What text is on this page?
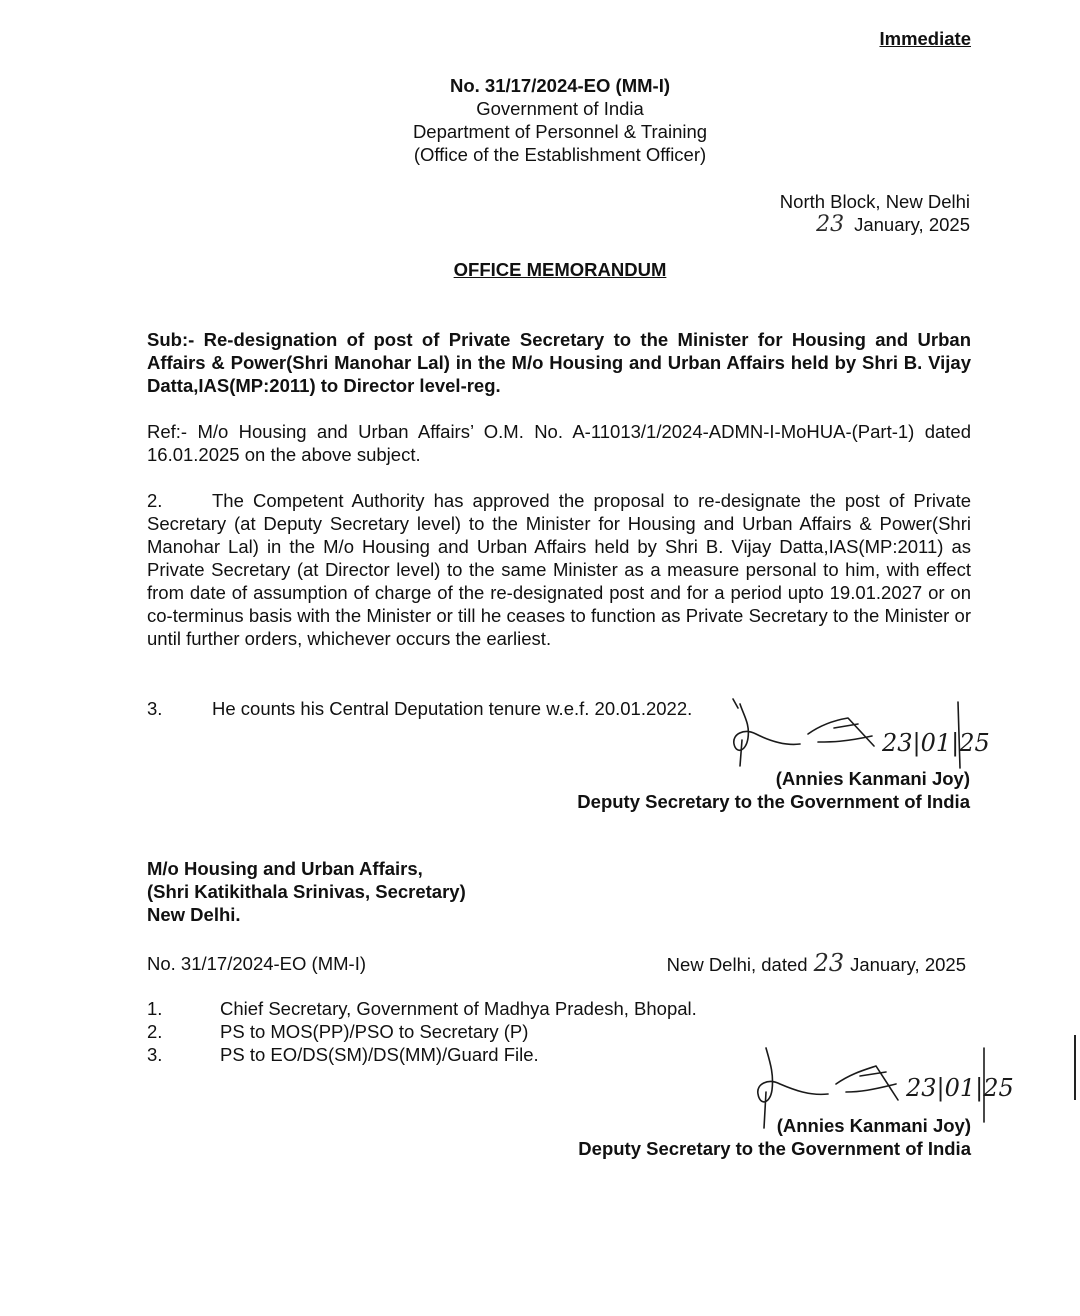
Immediate
No. 31/17/2024-EO (MM-I)
Government of India
Department of Personnel & Training
(Office of the Establishment Officer)
North Block, New Delhi
23 January, 2025
OFFICE MEMORANDUM
Sub:- Re-designation of post of Private Secretary to the Minister for Housing and Urban Affairs & Power(Shri Manohar Lal) in the M/o Housing and Urban Affairs held by Shri B. Vijay Datta,IAS(MP:2011) to Director level-reg.
Ref:- M/o Housing and Urban Affairs’ O.M. No. A-11013/1/2024-ADMN-I-MoHUA-(Part-1) dated 16.01.2025 on the above subject.
2.	The Competent Authority has approved the proposal to re-designate the post of Private Secretary (at Deputy Secretary level) to the Minister for Housing and Urban Affairs & Power(Shri Manohar Lal) in the M/o Housing and Urban Affairs held by Shri B. Vijay Datta,IAS(MP:2011) as Private Secretary (at Director level) to the same Minister as a measure personal to him, with effect from date of assumption of charge of the re-designated post and for a period upto 19.01.2027 or on co-terminus basis with the Minister or till he ceases to function as Private Secretary to the Minister or until further orders, whichever occurs the earliest.
3.	He counts his Central Deputation tenure w.e.f. 20.01.2022.
23|01|25
(Annies Kanmani Joy)
Deputy Secretary to the Government of India
M/o Housing and Urban Affairs,
(Shri Katikithala Srinivas, Secretary)
New Delhi.
No. 31/17/2024-EO (MM-I)	New Delhi, dated 23 January, 2025
1.	Chief Secretary, Government of Madhya Pradesh, Bhopal.
2.	PS to MOS(PP)/PSO to Secretary (P)
3.	PS to EO/DS(SM)/DS(MM)/Guard File.
23|01|25
(Annies Kanmani Joy)
Deputy Secretary to the Government of India
